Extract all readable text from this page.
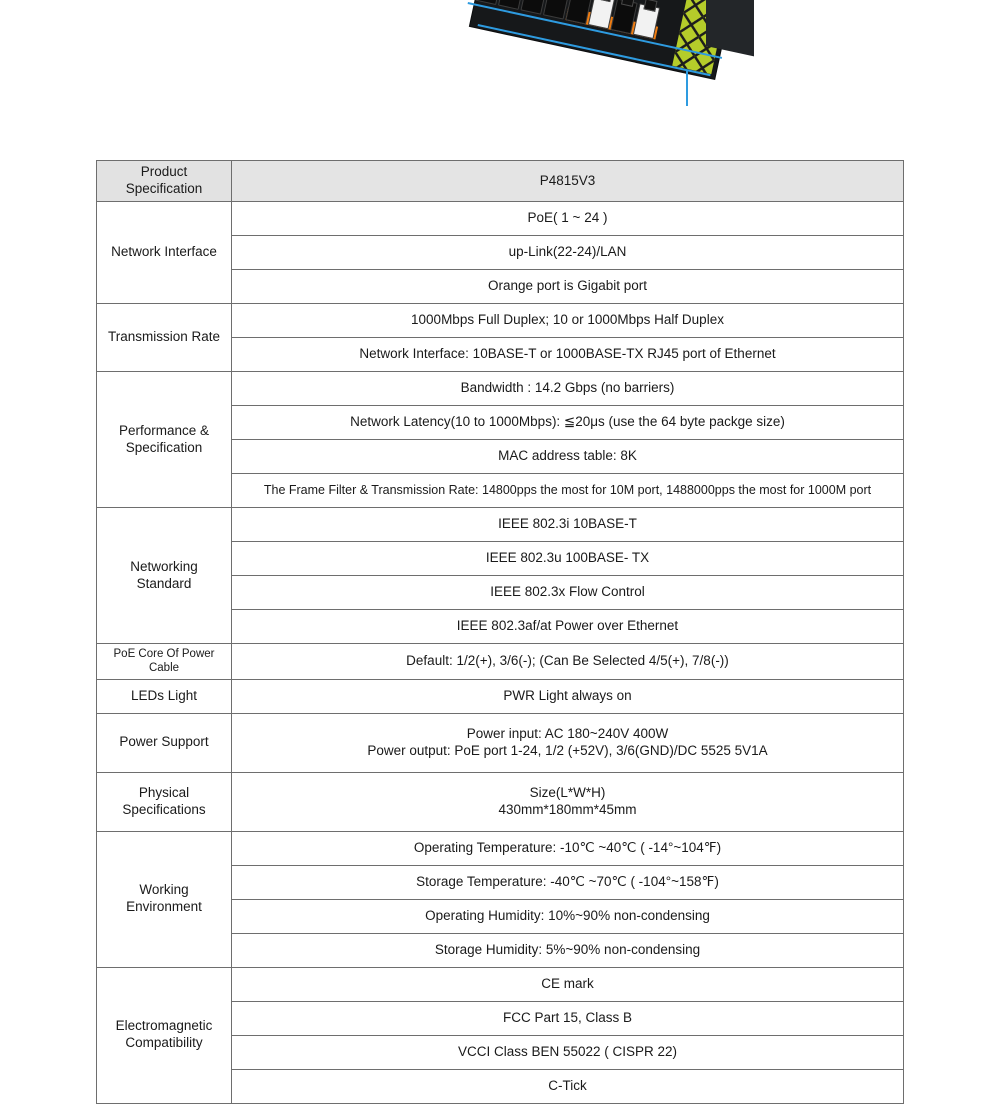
Product Specification	P4815V3
Network Interface	PoE( 1 ~ 24 )
	up-Link(22-24)/LAN
	Orange port is Gigabit port
Transmission Rate	1000Mbps Full Duplex; 10 or 1000Mbps Half Duplex
	Network Interface: 10BASE-T or 1000BASE-TX RJ45 port of Ethernet
Performance & Specification	Bandwidth : 14.2 Gbps (no barriers)
	Network Latency(10 to 1000Mbps): ≦20μs (use the 64 byte packge size)
	MAC address table: 8K
	The Frame Filter & Transmission Rate: 14800pps the most for 10M port, 1488000pps the most for 1000M port
Networking Standard	IEEE 802.3i 10BASE-T
	IEEE 802.3u 100BASE- TX
	IEEE 802.3x Flow Control
	IEEE 802.3af/at Power over Ethernet
PoE Core Of Power Cable	Default: 1/2(+), 3/6(-); (Can Be Selected 4/5(+), 7/8(-))
LEDs Light	PWR Light always on
Power Support	Power input: AC 180~240V 400W
Power output: PoE port 1-24, 1/2 (+52V), 3/6(GND)/DC 5525 5V1A
Physical Specifications	Size(L*W*H)
430mm*180mm*45mm
Working Environment	Operating Temperature: -10℃ ~40℃ ( -14°~104℉)
	Storage Temperature: -40℃ ~70℃ ( -104°~158℉)
	Operating Humidity: 10%~90% non-condensing
	Storage Humidity: 5%~90% non-condensing
Electromagnetic Compatibility	CE mark
	FCC Part 15, Class B
	VCCI Class BEN 55022 ( CISPR 22)
	C-Tick
